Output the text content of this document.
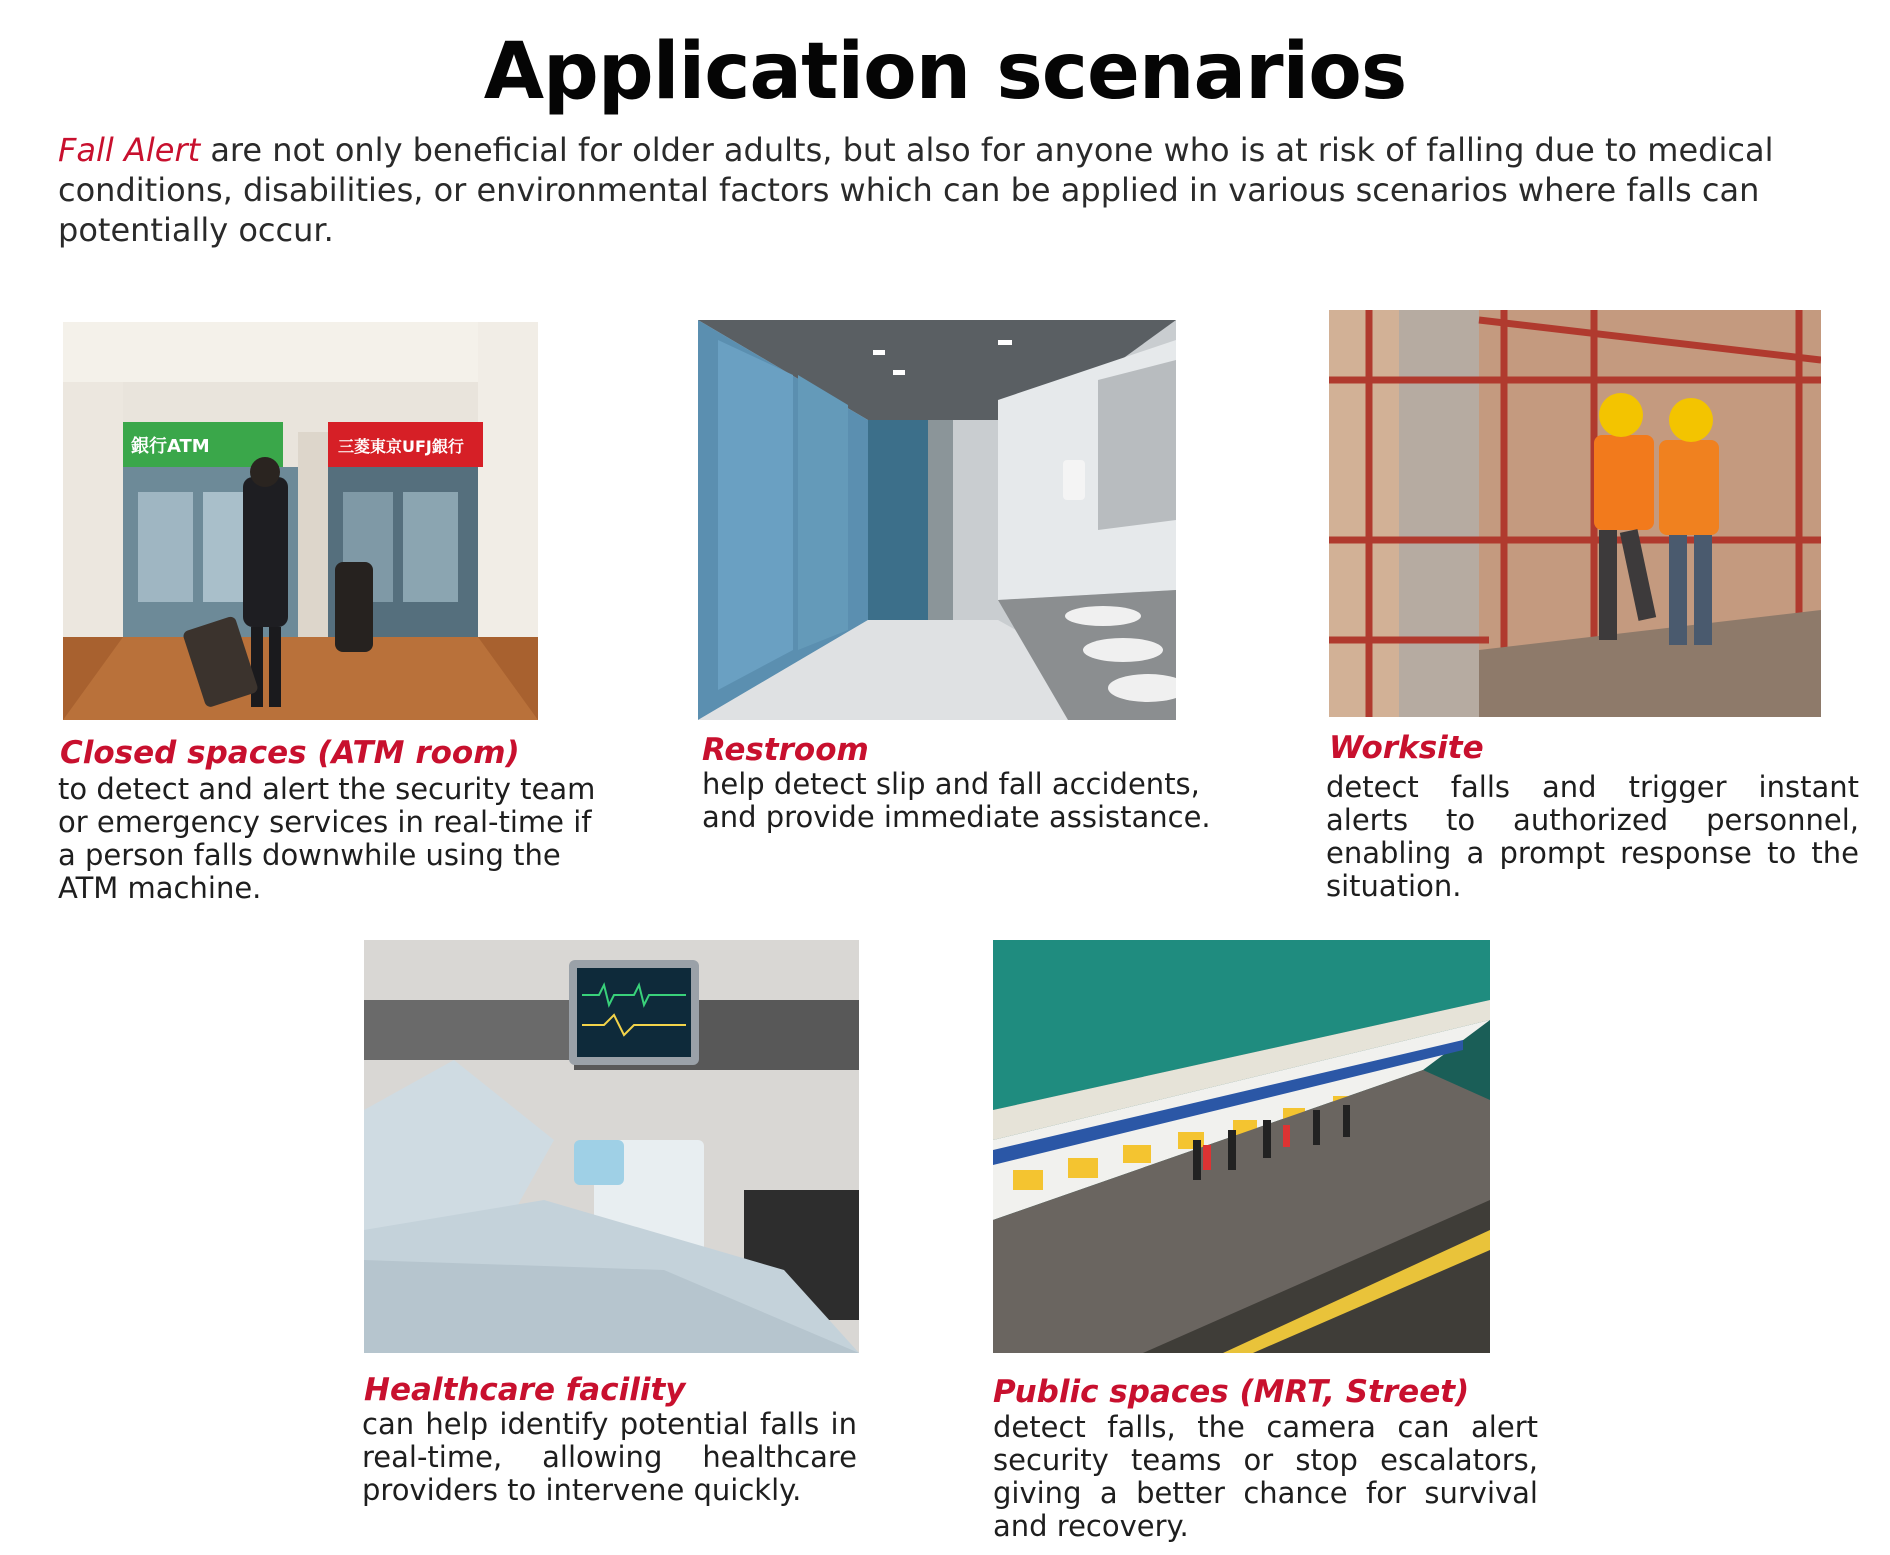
Application scenarios
Fall Alert are not only beneficial for older adults, but also for anyone who is at risk of falling due to medical conditions, disabilities, or environmental factors which can be applied in various scenarios where falls can potentially occur.
銀行ATM	三菱東京UFJ銀行
Closed spaces (ATM room)
to detect and alert the security team or emergency services in real-time if a person falls downwhile using the ATM machine.
Restroom
help detect slip and fall accidents, and provide immediate assistance.
Worksite
detect falls and trigger instant alerts to authorized personnel, enabling a prompt response to the situation.
Healthcare facility
can help identify potential falls in real-time, allowing healthcare providers to intervene quickly.
Public spaces (MRT, Street)
detect falls, the camera can alert security teams or stop escalators, giving a better chance for survival and recovery.
